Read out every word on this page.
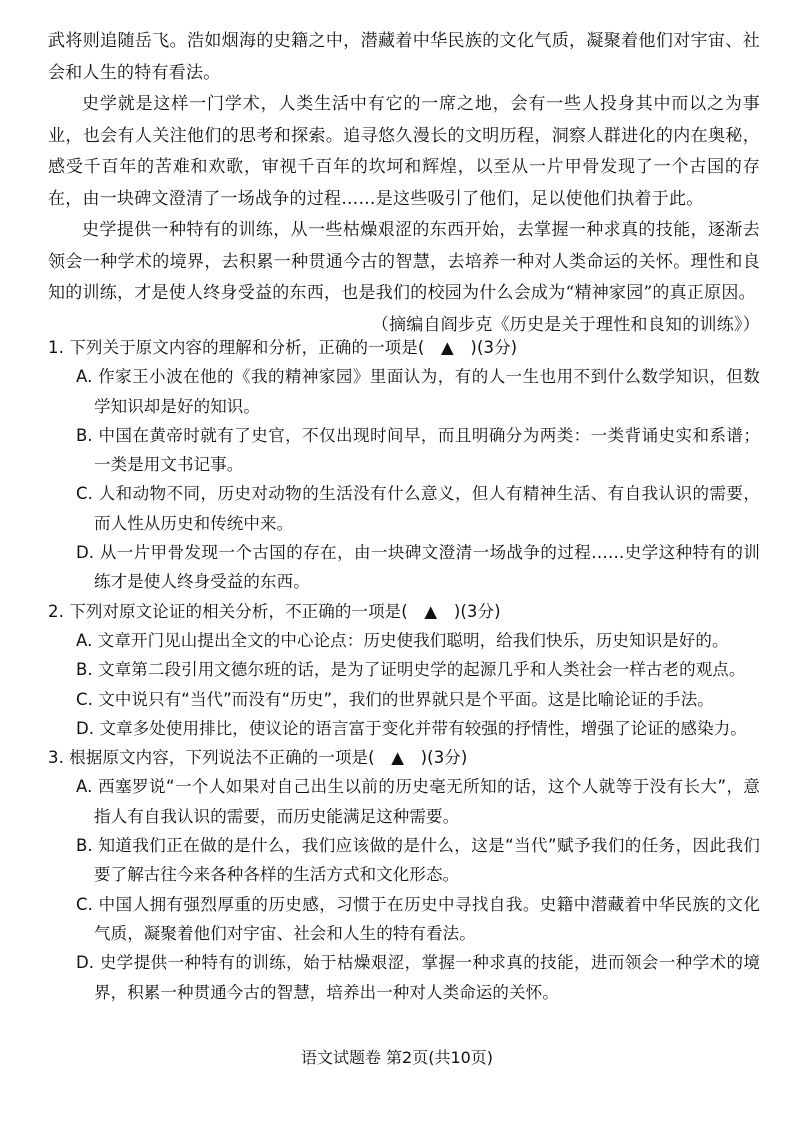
武将则追随岳飞。浩如烟海的史籍之中，潜藏着中华民族的文化气质，凝聚着他们对宇宙、社会和人生的特有看法。

史学就是这样一门学术，人类生活中有它的一席之地，会有一些人投身其中而以之为事业，也会有人关注他们的思考和探索。追寻悠久漫长的文明历程，洞察人群进化的内在奥秘，感受千百年的苦难和欢歌，审视千百年的坎坷和辉煌，以至从一片甲骨发现了一个古国的存在，由一块碑文澄清了一场战争的过程……是这些吸引了他们，足以使他们执着于此。

史学提供一种特有的训练，从一些枯燥艰涩的东西开始，去掌握一种求真的技能，逐渐去领会一种学术的境界，去积累一种贯通今古的智慧，去培养一种对人类命运的关怀。理性和良知的训练，才是使人终身受益的东西，也是我们的校园为什么会成为“精神家园”的真正原因。

（摘编自阎步克《历史是关于理性和良知的训练》）

1. 下列关于原文内容的理解和分析，正确的一项是(　▲　)(3分)

A. 作家王小波在他的《我的精神家园》里面认为，有的人一生也用不到什么数学知识，但数学知识却是好的知识。

B. 中国在黄帝时就有了史官，不仅出现时间早，而且明确分为两类：一类背诵史实和系谱；一类是用文书记事。

C. 人和动物不同，历史对动物的生活没有什么意义，但人有精神生活、有自我认识的需要，而人性从历史和传统中来。

D. 从一片甲骨发现一个古国的存在，由一块碑文澄清一场战争的过程……史学这种特有的训练才是使人终身受益的东西。

2. 下列对原文论证的相关分析，不正确的一项是(　▲　)(3分)

A. 文章开门见山提出全文的中心论点：历史使我们聪明，给我们快乐，历史知识是好的。

B. 文章第二段引用文德尔班的话，是为了证明史学的起源几乎和人类社会一样古老的观点。

C. 文中说只有“当代”而没有“历史”，我们的世界就只是个平面。这是比喻论证的手法。

D. 文章多处使用排比，使议论的语言富于变化并带有较强的抒情性，增强了论证的感染力。

3. 根据原文内容，下列说法不正确的一项是(　▲　)(3分)

A. 西塞罗说“一个人如果对自己出生以前的历史毫无所知的话，这个人就等于没有长大”，意指人有自我认识的需要，而历史能满足这种需要。

B. 知道我们正在做的是什么，我们应该做的是什么，这是“当代”赋予我们的任务，因此我们要了解古往今来各种各样的生活方式和文化形态。

C. 中国人拥有强烈厚重的历史感，习惯于在历史中寻找自我。史籍中潜藏着中华民族的文化气质，凝聚着他们对宇宙、社会和人生的特有看法。

D. 史学提供一种特有的训练，始于枯燥艰涩，掌握一种求真的技能，进而领会一种学术的境界，积累一种贯通今古的智慧，培养出一种对人类命运的关怀。

语文试题卷 第2页(共10页)
